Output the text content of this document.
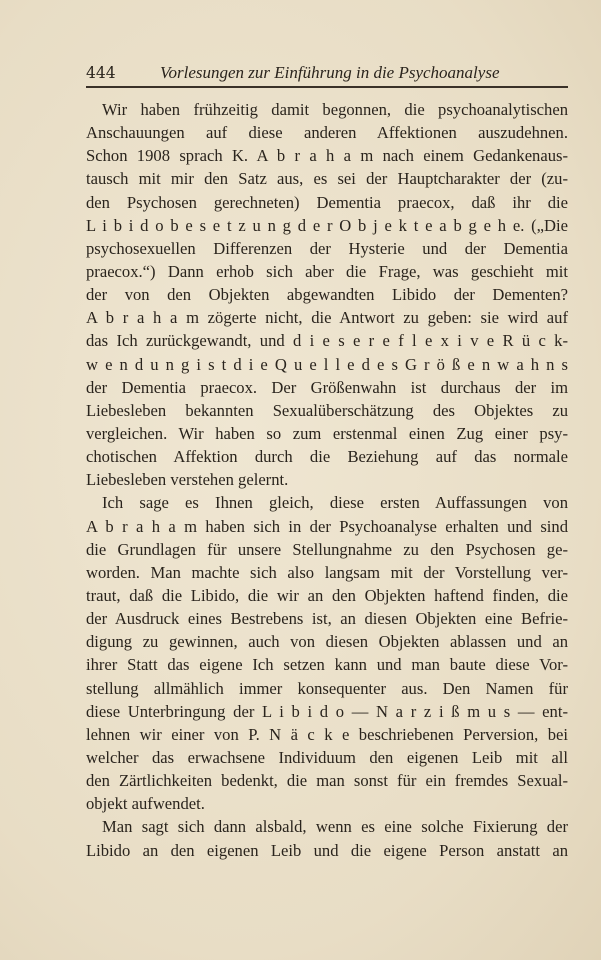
444	Vorlesungen zur Einführung in die Psychoanalyse
Wir haben frühzeitig damit begonnen, die psychoanalytischen
Anschauungen auf diese anderen Affektionen auszudehnen.
Schon 1908 sprach K. A b r a h a m nach einem Gedankenaus-
tausch mit mir den Satz aus, es sei der Hauptcharakter der (zu-
den Psychosen gerechneten) Dementia praecox, daß ihr die
L i b i d o b e s e t z u n g d e r O b j e k t e a b g e h e. („Die
psychosexuellen Differenzen der Hysterie und der Dementia
praecox.“) Dann erhob sich aber die Frage, was geschieht mit
der von den Objekten abgewandten Libido der Dementen?
A b r a h a m zögerte nicht, die Antwort zu geben: sie wird auf
das Ich zurückgewandt, und d i e s e r e f l e x i v e R ü c k-
w e n d u n g i s t d i e Q u e l l e d e s G r ö ß e n w a h n s
der Dementia praecox. Der Größenwahn ist durchaus der im
Liebesleben bekannten Sexualüberschätzung des Objektes zu
vergleichen. Wir haben so zum erstenmal einen Zug einer psy-
chotischen Affektion durch die Beziehung auf das normale
Liebesleben verstehen gelernt.
Ich sage es Ihnen gleich, diese ersten Auffassungen von
A b r a h a m haben sich in der Psychoanalyse erhalten und sind
die Grundlagen für unsere Stellungnahme zu den Psychosen ge-
worden. Man machte sich also langsam mit der Vorstellung ver-
traut, daß die Libido, die wir an den Objekten haftend finden, die
der Ausdruck eines Bestrebens ist, an diesen Objekten eine Befrie-
digung zu gewinnen, auch von diesen Objekten ablassen und an
ihrer Statt das eigene Ich setzen kann und man baute diese Vor-
stellung allmählich immer konsequenter aus. Den Namen für
diese Unterbringung der L i b i d o — N a r z i ß m u s — ent-
lehnen wir einer von P. N ä c k e beschriebenen Perversion, bei
welcher das erwachsene Individuum den eigenen Leib mit all
den Zärtlichkeiten bedenkt, die man sonst für ein fremdes Sexual-
objekt aufwendet.
Man sagt sich dann alsbald, wenn es eine solche Fixierung der
Libido an den eigenen Leib und die eigene Person anstatt an
